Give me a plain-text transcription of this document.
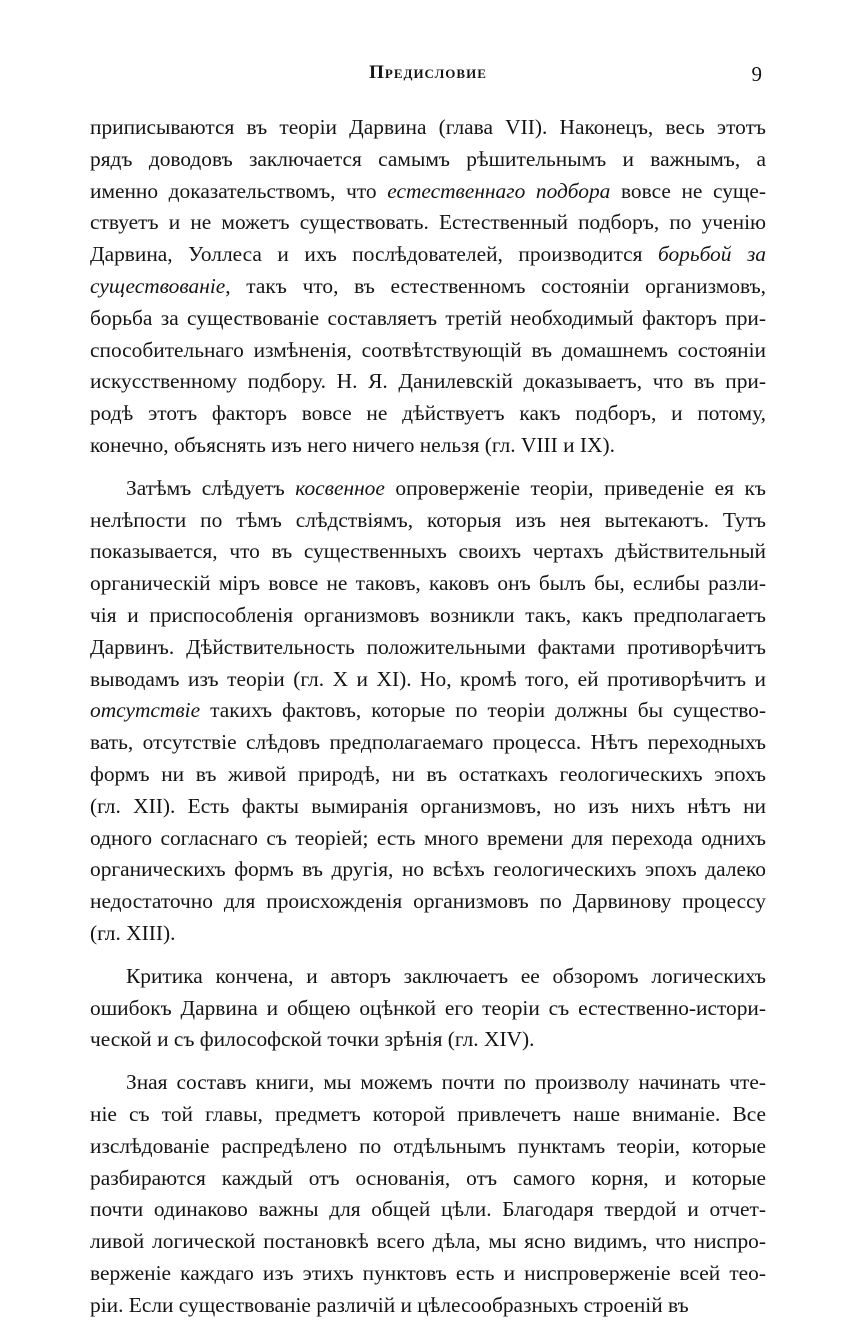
Предисловие	9
приписываются въ теоріи Дарвина (глава VII). Наконецъ, весь этотъ
рядъ доводовъ заключается самымъ рѣшительнымъ и важнымъ, а
именно доказательствомъ, что естественнаго подбора вовсе не суще-
ствуетъ и не можетъ существовать. Естественный подборъ, по ученію
Дарвина, Уоллеса и ихъ послѣдователей, производится борьбой за
существованіе, такъ что, въ естественномъ состояніи организмовъ,
борьба за существованіе составляетъ третій необходимый факторъ при-
способительнаго измѣненія, соотвѣтствующій въ домашнемъ состояніи
искусственному подбору. Н. Я. Данилевскій доказываетъ, что въ при-
родѣ этотъ факторъ вовсе не дѣйствуетъ какъ подборъ, и потому,
конечно, объяснять изъ него ничего нельзя (гл. VIII и IX).
Затѣмъ слѣдуетъ косвенное опроверженіе теоріи, приведеніе ея къ
нелѣпости по тѣмъ слѣдствіямъ, которыя изъ нея вытекаютъ. Тутъ
показывается, что въ существенныхъ своихъ чертахъ дѣйствительный
органическій міръ вовсе не таковъ, каковъ онъ былъ бы, еслибы разли-
чія и приспособленія организмовъ возникли такъ, какъ предполагаетъ
Дарвинъ. Дѣйствительность положительными фактами противорѣчитъ
выводамъ изъ теоріи (гл. X и XI). Но, кромѣ того, ей противорѣчитъ и
отсутствіе такихъ фактовъ, которые по теоріи должны бы существо-
вать, отсутствіе слѣдовъ предполагаемаго процесса. Нѣтъ переходныхъ
формъ ни въ живой природѣ, ни въ остаткахъ геологическихъ эпохъ
(гл. XII). Есть факты вымиранія организмовъ, но изъ нихъ нѣтъ ни
одного согласнаго съ теоріей; есть много времени для перехода однихъ
органическихъ формъ въ другія, но всѣхъ геологическихъ эпохъ далеко
недостаточно для происхожденія организмовъ по Дарвинову процессу
(гл. XIII).
Критика кончена, и авторъ заключаетъ ее обзоромъ логическихъ
ошибокъ Дарвина и общею оцѣнкой его теоріи съ естественно-истори-
ческой и съ философской точки зрѣнія (гл. XIV).
Зная составъ книги, мы можемъ почти по произволу начинать чте-
ніе съ той главы, предметъ которой привлечетъ наше вниманіе. Все
изслѣдованіе распредѣлено по отдѣльнымъ пунктамъ теоріи, которые
разбираются каждый отъ основанія, отъ самого корня, и которые
почти одинаково важны для общей цѣли. Благодаря твердой и отчет-
ливой логической постановкѣ всего дѣла, мы ясно видимъ, что ниспро-
верженіе каждаго изъ этихъ пунктовъ есть и ниспроверженіе всей тео-
ріи. Если существованіе различій и цѣлесообразныхъ строеній въ
